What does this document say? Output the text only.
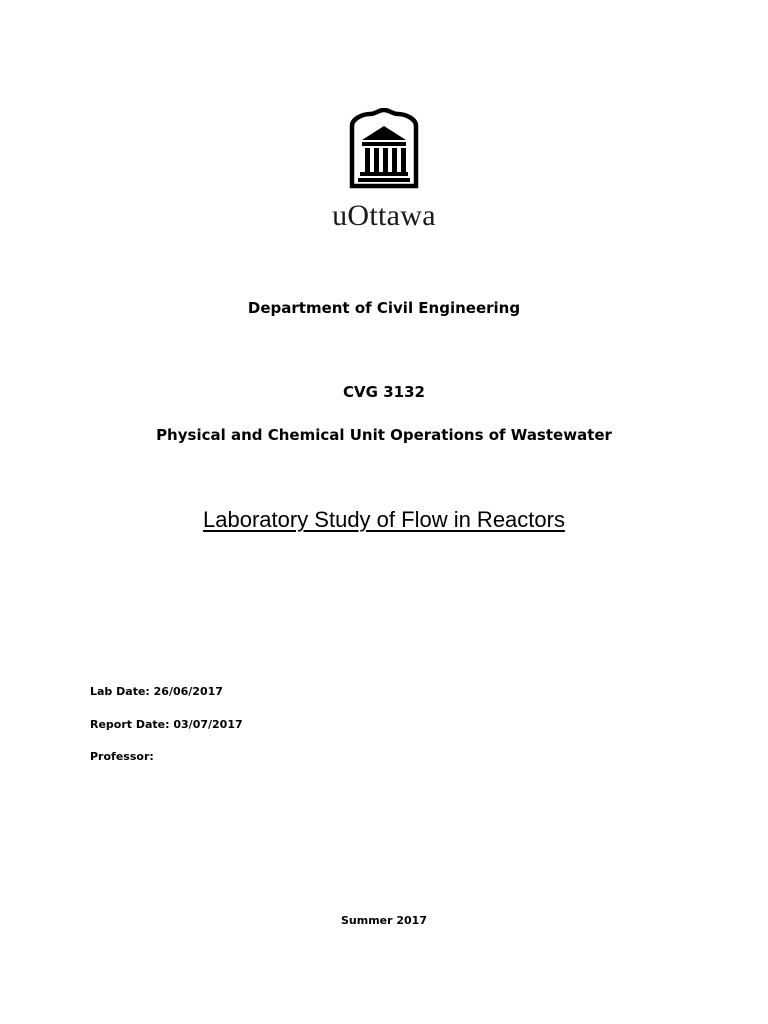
uOttawa
Department of Civil Engineering
CVG 3132
Physical and Chemical Unit Operations of Wastewater
Laboratory Study of Flow in Reactors
Lab Date: 26/06/2017
Report Date: 03/07/2017
Professor:
Summer 2017
